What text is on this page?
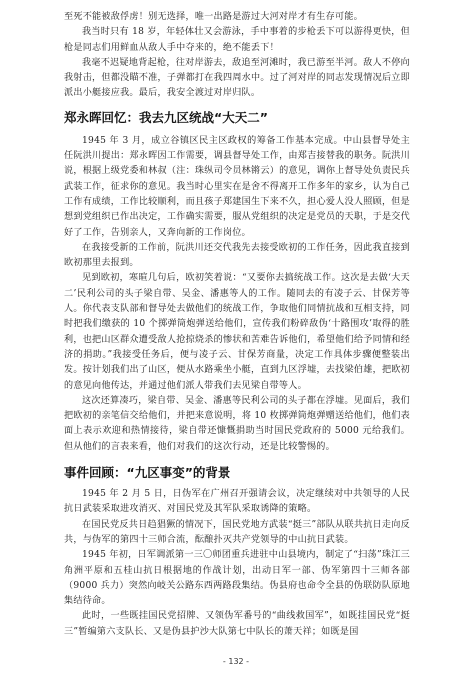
至死不能被敌俘虏！别无选择，唯一出路是游过大河对岸才有生存可能。

我当时只有 18 岁，年轻体壮又会游泳，手中事着的步枪丢下可以游得更快，但枪是同志们用鲜血从敌人手中夺来的，绝不能丢下！

我毫不迟疑地背起枪，往对岸游去，敌追至河滩时，我已游至半河。敌人不停向我射击，但都没瞄不准，子弹都打在我四周水中。过了河对岸的同志发现情况后立即派出小艇接应我。最后，我安全渡过对岸归队。

郑永晖回忆：我去九区统战“大天二”

1945 年 3 月，成立谷镇区民主区政权的筹备工作基本完成。中山县督导处主任阮洪川提出：郑永晖因工作需要，调县督导处工作，由郑吉接替我的职务。阮洪川说，根据上级党委和林叔（注：珠纵司令员林锵云）的意见，调你上督导处负责民兵武装工作，征求你的意见。我当时心里实在是舍不得离开工作多年的家乡，认为自己工作有成绩，工作比较顺利，而且孩子郑建国生下来不久，担心爱人没人照顾，但是想到党组织已作出决定，工作确实需要，服从党组织的决定是党员的天职，于是交代好了工作，告别亲人，又奔向新的工作岗位。

在我接受新的工作前，阮洪川还交代我先去接受欧初的工作任务，因此我直接到欧初那里去报到。

见到欧初，寒暄几句后，欧初笑着说：“又要你去搞统战工作。这次是去做‘大天二’民利公司的头子梁自带、吴金、潘惠等人的工作。随同去的有凌子云、甘保芳等人。你代表支队部和督导处去做他们的统战工作，争取他们同情抗战和互相支持，同时把我们缴获的 10 个掷弹筒炮弹送给他们，宣传我们粉碎敌伪‘十路围攻’取得的胜利，也把山区群众遭受敌人抢掠烧杀的惨状和苦难告诉他们，希望他们给予同情和经济的捐助。”我接受任务后，便与凌子云、甘保芳商量，决定工作具体步骤便整装出发。按计划我们出了山区，便从水路乘坐小艇，直到九区浮墟，去找梁伯雄，把欧初的意见向他传达，并通过他们派人带我们去见梁自带等人。

这次还算凑巧，梁自带、吴金、潘惠等民利公司的头子都在浮墟。见面后，我们把欧初的亲笔信交给他们，并把来意说明，将 10 枚掷弹筒炮弹赠送给他们，他们表面上表示欢迎和热情接待，梁自带还慷慨捐助当时国民党政府的 5000 元给我们。但从他们的言表来看，他们对我们的这次行动，还是比较警惕的。

事件回顾：“九区事变”的背景

1945 年 2 月 5 日，日伪军在广州召开强请会议，决定继续对中共领导的人民抗日武装采取进攻消灭、对国民党及其军队采取诱降的策略。

在国民党反共日趋猖獗的情况下，国民党地方武装“挺三”部队从联共抗日走向反共，与伪军的第四十三师合流，酝酿扑灭共产党领导的中山抗日武装。

1945 年初，日军调派第一三〇师团重兵进驻中山县境内，制定了“扫荡”珠江三角洲平原和五桂山抗日根据地的作战计划，出动日军一部、伪军第四十三师各部（9000 兵力）突然向岐关公路东西两路段集结。伪县府也命令全县的伪联防队原地集结待命。

此时，一些既挂国民党招牌、又领伪军番号的“曲线救国军”，如既挂国民党“挺三”暂编第六支队长、又是伪县护沙大队第七中队长的萧天祥；如既是国

- 132 -
